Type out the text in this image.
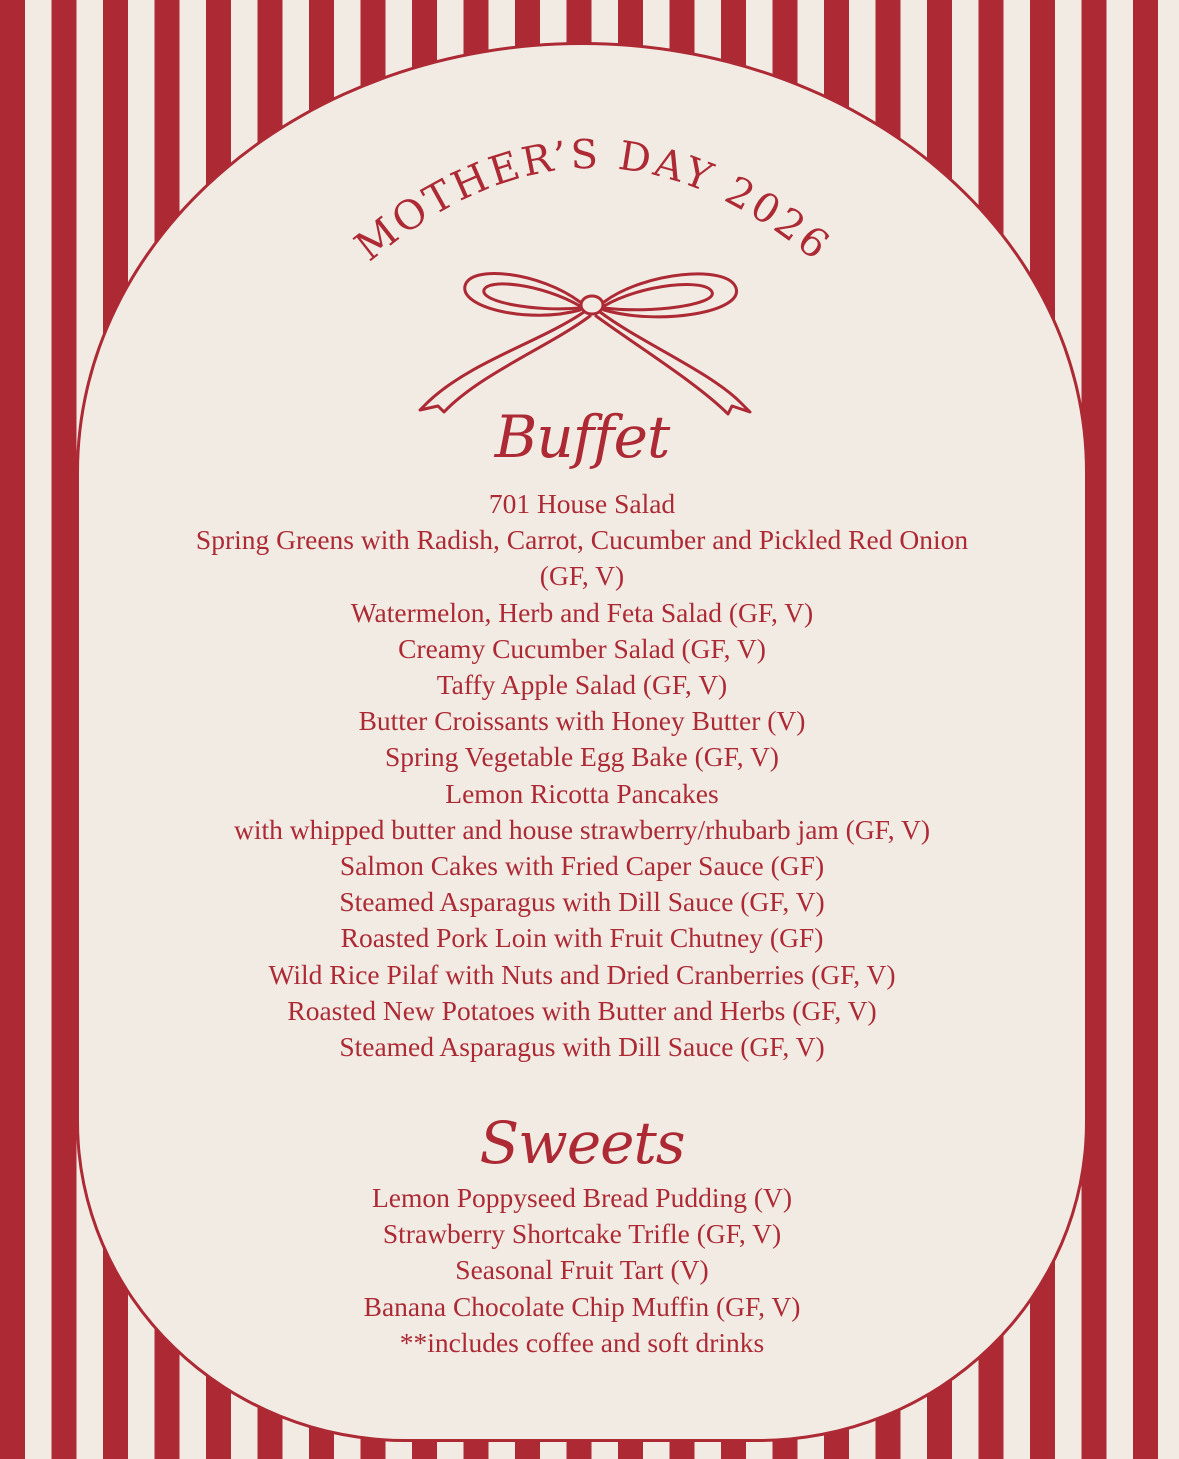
MOTHER’S DAY 2026
Buffet
701 House Salad
Spring Greens with Radish, Carrot, Cucumber and Pickled Red Onion
(GF, V)
Watermelon, Herb and Feta Salad (GF, V)
Creamy Cucumber Salad (GF, V)
Taffy Apple Salad (GF, V)
Butter Croissants with Honey Butter (V)
Spring Vegetable Egg Bake (GF, V)
Lemon Ricotta Pancakes
with whipped butter and house strawberry/rhubarb jam (GF, V)
Salmon Cakes with Fried Caper Sauce (GF)
Steamed Asparagus with Dill Sauce (GF, V)
Roasted Pork Loin with Fruit Chutney (GF)
Wild Rice Pilaf with Nuts and Dried Cranberries (GF, V)
Roasted New Potatoes with Butter and Herbs (GF, V)
Steamed Asparagus with Dill Sauce (GF, V)
Sweets
Lemon Poppyseed Bread Pudding (V)
Strawberry Shortcake Trifle (GF, V)
Seasonal Fruit Tart (V)
Banana Chocolate Chip Muffin (GF, V)
**includes coffee and soft drinks
